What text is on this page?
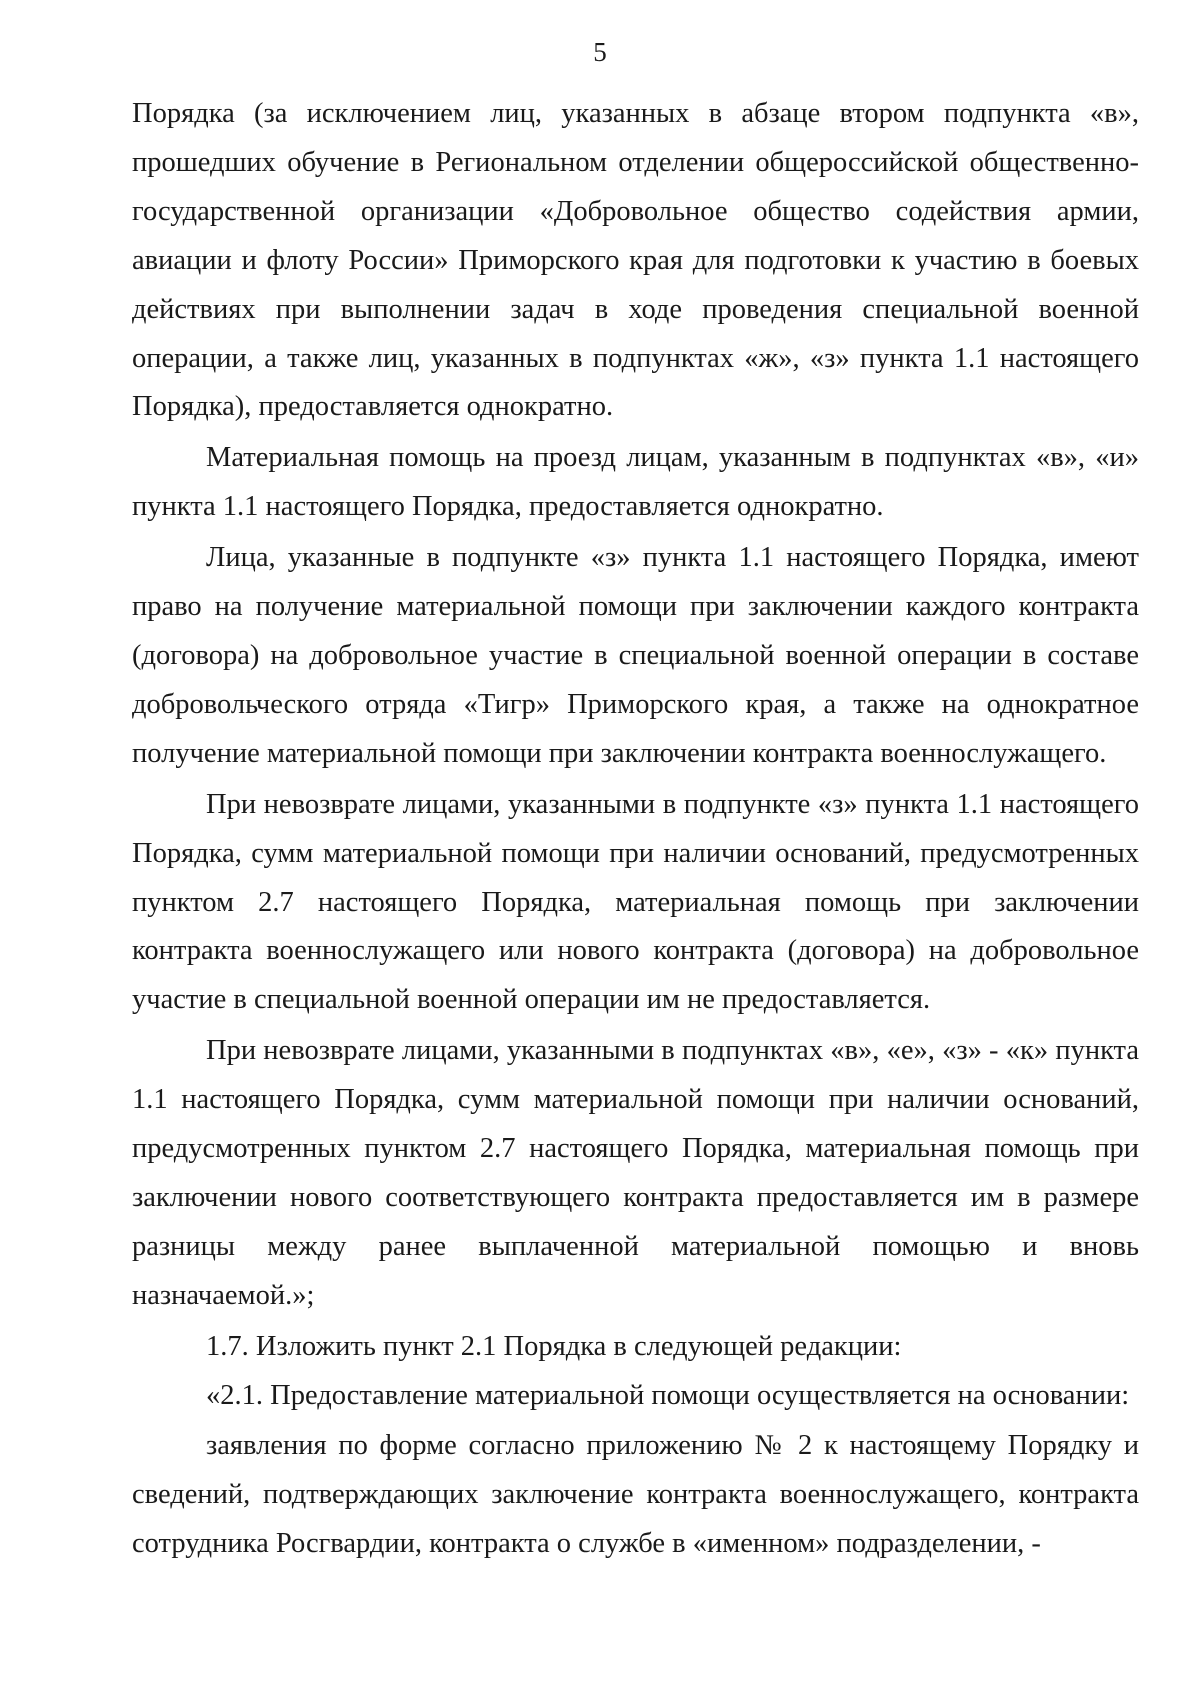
5

Порядка (за исключением лиц, указанных в абзаце втором подпункта «в», прошедших обучение в Региональном отделении общероссийской общественно-государственной организации «Добровольное общество содействия армии, авиации и флоту России» Приморского края для подготовки к участию в боевых действиях при выполнении задач в ходе проведения специальной военной операции, а также лиц, указанных в подпунктах «ж», «з» пункта 1.1 настоящего Порядка), предоставляется однократно.

Материальная помощь на проезд лицам, указанным в подпунктах «в», «и» пункта 1.1 настоящего Порядка, предоставляется однократно.

Лица, указанные в подпункте «з» пункта 1.1 настоящего Порядка, имеют право на получение материальной помощи при заключении каждого контракта (договора) на добровольное участие в специальной военной операции в составе добровольческого отряда «Тигр» Приморского края, а также на однократное получение материальной помощи при заключении контракта военнослужащего.

При невозврате лицами, указанными в подпункте «з» пункта 1.1 настоящего Порядка, сумм материальной помощи при наличии оснований, предусмотренных пунктом 2.7 настоящего Порядка, материальная помощь при заключении контракта военнослужащего или нового контракта (договора) на добровольное участие в специальной военной операции им не предоставляется.

При невозврате лицами, указанными в подпунктах «в», «е», «з» - «к» пункта 1.1 настоящего Порядка, сумм материальной помощи при наличии оснований, предусмотренных пунктом 2.7 настоящего Порядка, материальная помощь при заключении нового соответствующего контракта предоставляется им в размере разницы между ранее выплаченной материальной помощью и вновь назначаемой.»;

1.7. Изложить пункт 2.1 Порядка в следующей редакции:

«2.1. Предоставление материальной помощи осуществляется на основании:

заявления по форме согласно приложению № 2 к настоящему Порядку и сведений, подтверждающих заключение контракта военнослужащего, контракта сотрудника Росгвардии, контракта о службе в «именном» подразделении, -
